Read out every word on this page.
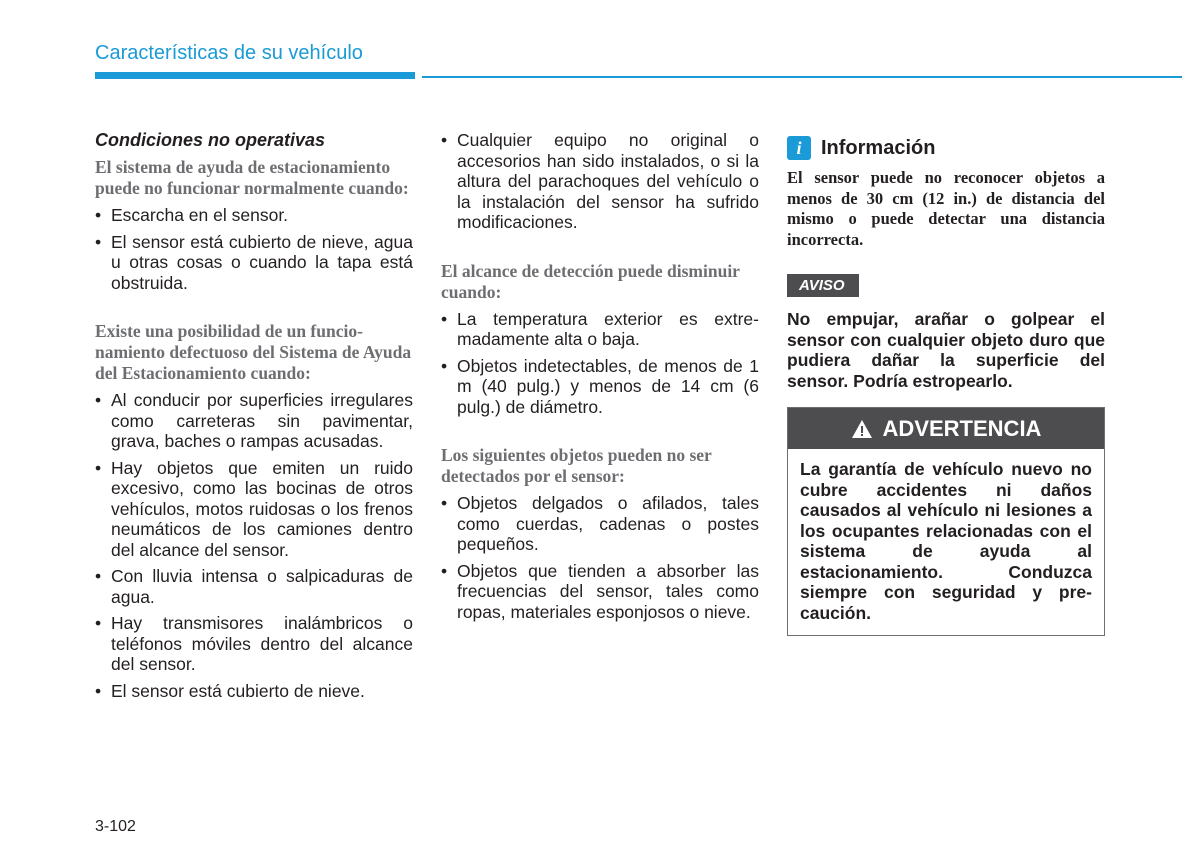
Características de su vehículo
Condiciones no operativas
El sistema de ayuda de estacionamiento puede no funcionar normalmente cuando:
• Escarcha en el sensor.
• El sensor está cubierto de nieve, agua u otras cosas o cuando la tapa está obstruida.
Existe una posibilidad de un funcionamiento defectuoso del Sistema de Ayuda del Estacionamiento cuando:
• Al conducir por superficies irregulares como carreteras sin pavimentar, grava, baches o rampas acusadas.
• Hay objetos que emiten un ruido excesivo, como las bocinas de otros vehículos, motos ruidosas o los frenos neumáticos de los camiones dentro del alcance del sensor.
• Con lluvia intensa o salpicaduras de agua.
• Hay transmisores inalámbricos o teléfonos móviles dentro del alcance del sensor.
• El sensor está cubierto de nieve.
• Cualquier equipo no original o accesorios han sido instalados, o si la altura del parachoques del vehículo o la instalación del sensor ha sufrido modificaciones.
El alcance de detección puede disminuir cuando:
• La temperatura exterior es extremadamente alta o baja.
• Objetos indetectables, de menos de 1 m (40 pulg.) y menos de 14 cm (6 pulg.) de diámetro.
Los siguientes objetos pueden no ser detectados por el sensor:
• Objetos delgados o afilados, tales como cuerdas, cadenas o postes pequeños.
• Objetos que tienden a absorber las frecuencias del sensor, tales como ropas, materiales esponjosos o nieve.
i Información
El sensor puede no reconocer objetos a menos de 30 cm (12 in.) de distancia del mismo o puede detectar una distancia incorrecta.
AVISO
No empujar, arañar o golpear el sensor con cualquier objeto duro que pudiera dañar la superficie del sensor. Podría estropearlo.
ADVERTENCIA
La garantía de vehículo nuevo no cubre accidentes ni daños causados al vehículo ni lesiones a los ocupantes relacionadas con el sistema de ayuda al estacionamiento. Conduzca siempre con seguridad y precaución.
3-102
